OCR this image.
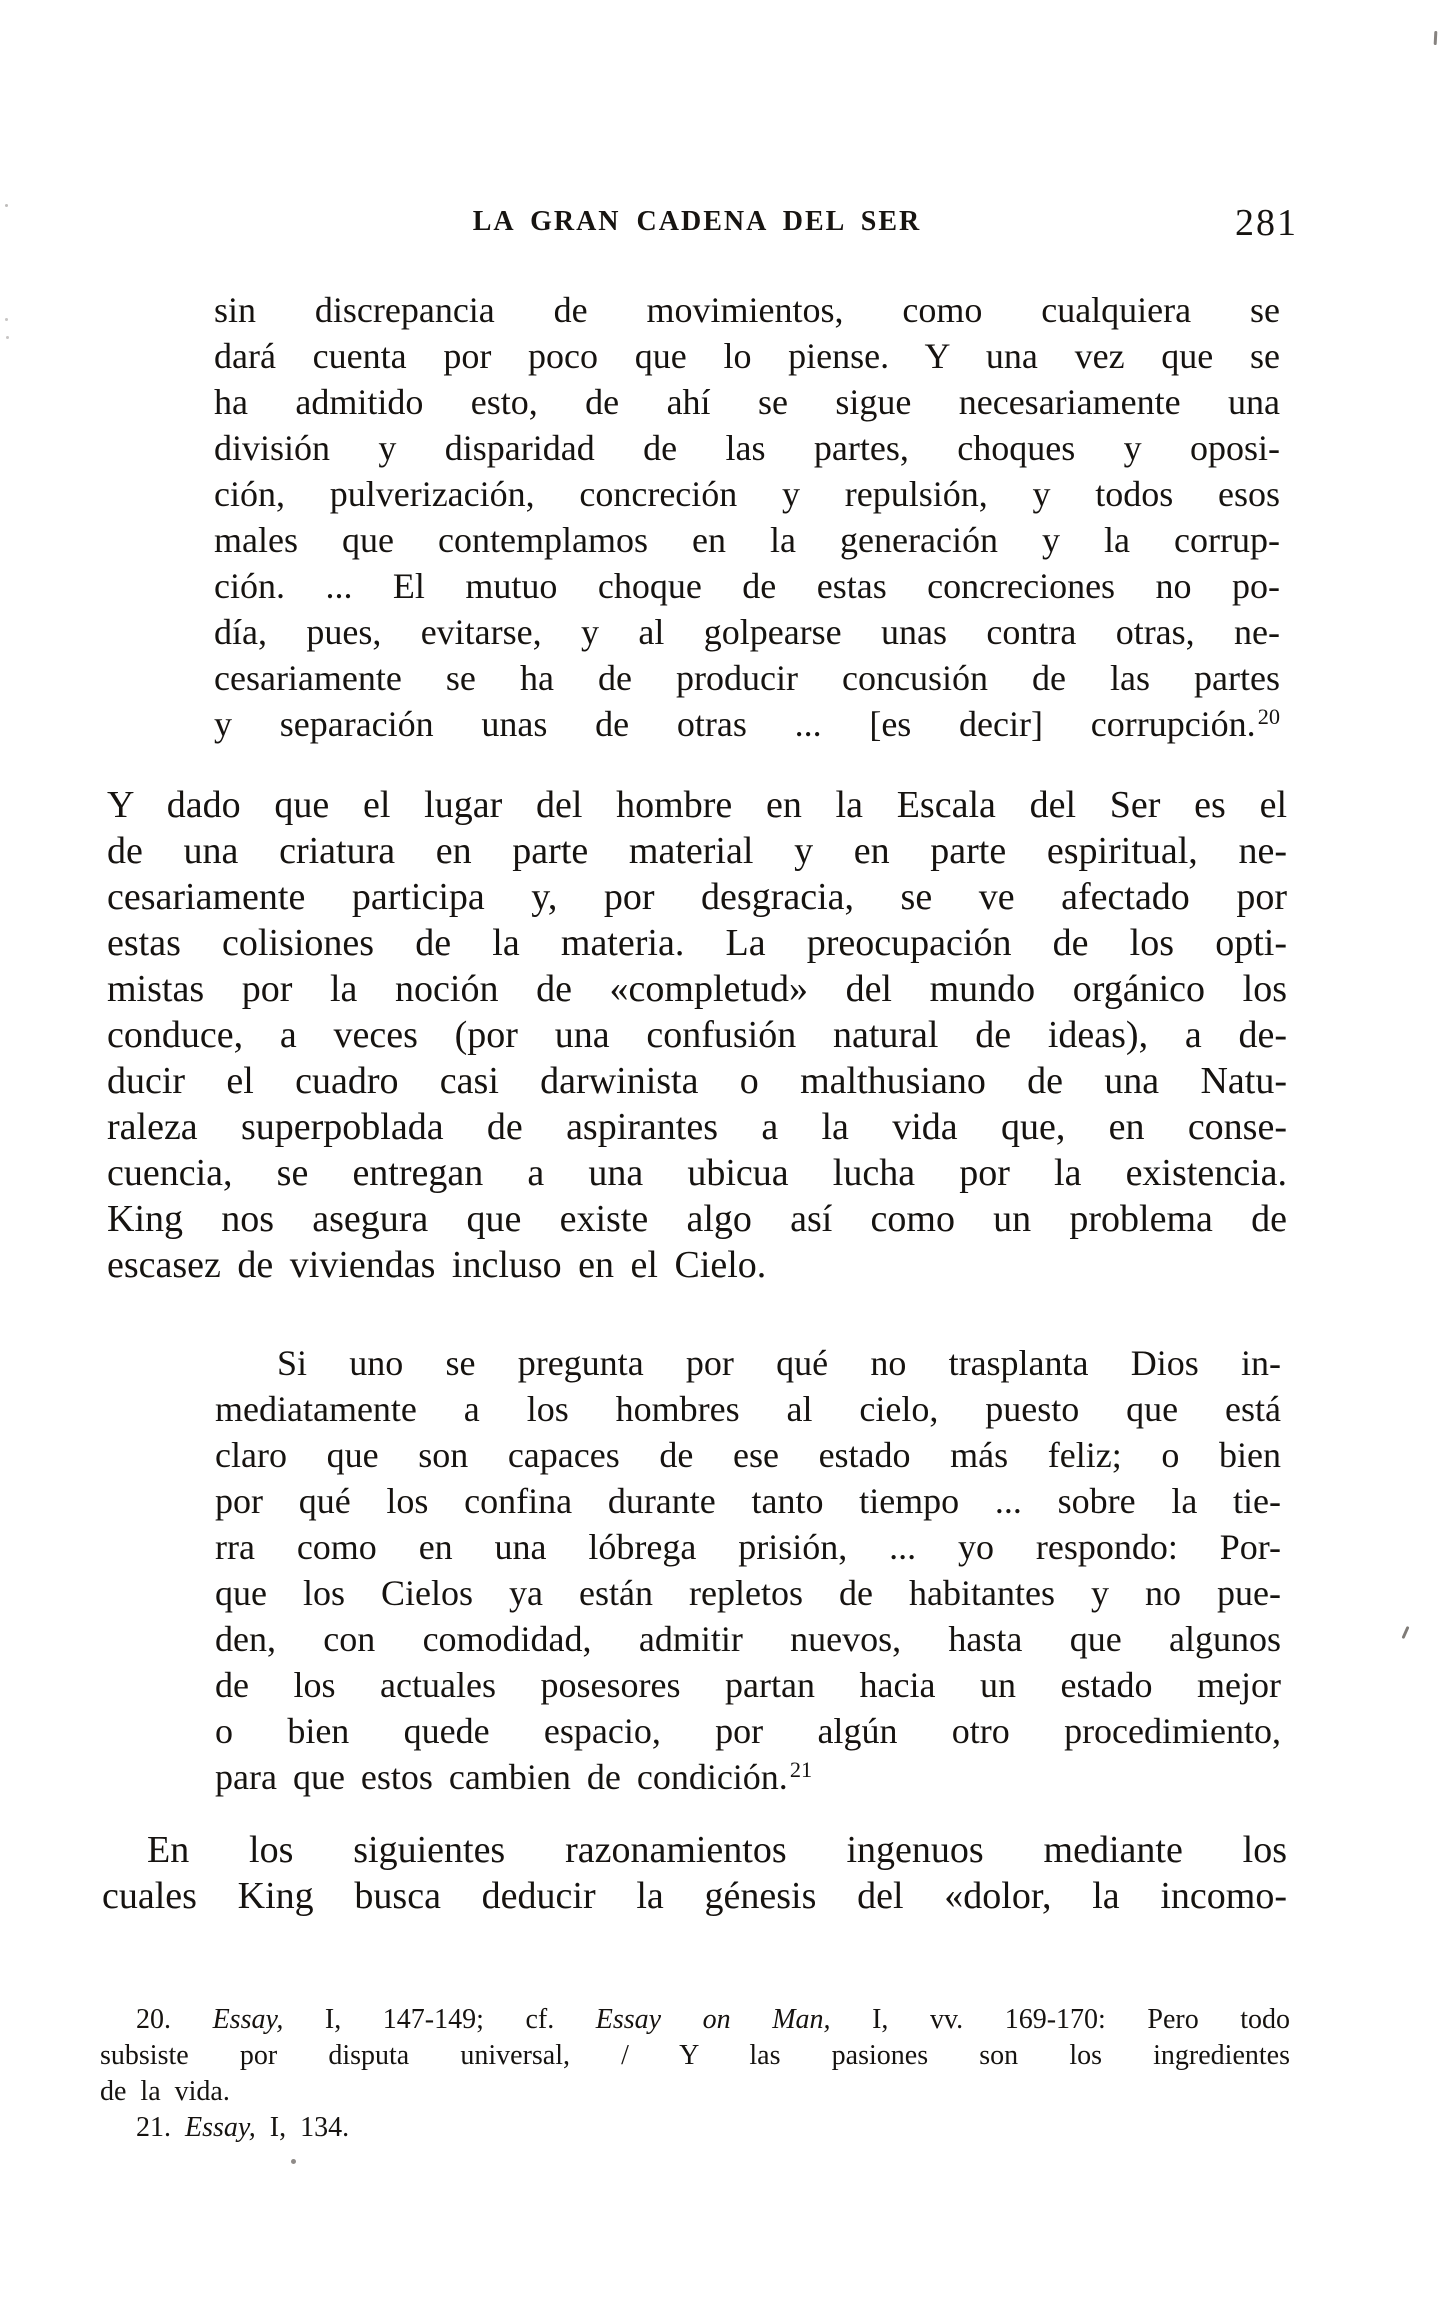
LA GRAN CADENA DEL SER	281
sin discrepancia de movimientos, como cualquiera se
dará cuenta por poco que lo piense. Y una vez que se
ha admitido esto, de ahí se sigue necesariamente una
división y disparidad de las partes, choques y oposi-
ción, pulverización, concreción y repulsión, y todos esos
males que contemplamos en la generación y la corrup-
ción. ... El mutuo choque de estas concreciones no po-
día, pues, evitarse, y al golpearse unas contra otras, ne-
cesariamente se ha de producir concusión de las partes
y separación unas de otras ... [es decir] corrupción.$^{20}$
Y dado que el lugar del hombre en la Escala del Ser es el
de una criatura en parte material y en parte espiritual, ne-
cesariamente participa y, por desgracia, se ve afectado por
estas colisiones de la materia. La preocupación de los opti-
mistas por la noción de «completud» del mundo orgánico los
conduce, a veces (por una confusión natural de ideas), a de-
ducir el cuadro casi darwinista o malthusiano de una Natu-
raleza superpoblada de aspirantes a la vida que, en conse-
cuencia, se entregan a una ubicua lucha por la existencia.
King nos asegura que existe algo así como un problema de
escasez de viviendas incluso en el Cielo.
Si uno se pregunta por qué no trasplanta Dios in-
mediatamente a los hombres al cielo, puesto que está
claro que son capaces de ese estado más feliz; o bien
por qué los confina durante tanto tiempo ... sobre la tie-
rra como en una lóbrega prisión, ... yo respondo: Por-
que los Cielos ya están repletos de habitantes y no pue-
den, con comodidad, admitir nuevos, hasta que algunos
de los actuales posesores partan hacia un estado mejor
o bien quede espacio, por algún otro procedimiento,
para que estos cambien de condición.$^{21}$
En los siguientes razonamientos ingenuos mediante los
cuales King busca deducir la génesis del «dolor, la incomo-
20. Essay, I, 147-149; cf. Essay on Man, I, vv. 169-170: Pero todo
subsiste por disputa universal, / Y las pasiones son los ingredientes
de la vida.
21. Essay, I, 134.
